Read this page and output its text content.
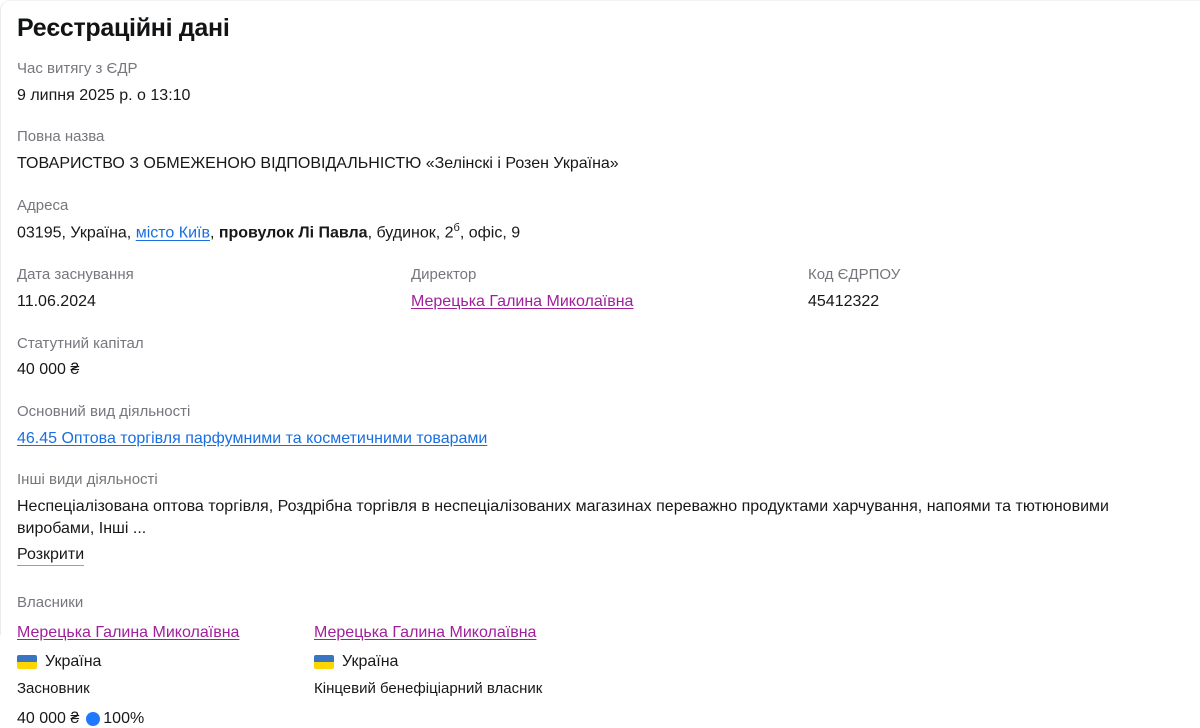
Реєстраційні дані
Час витягу з ЄДР
9 липня 2025 р. о 13:10
Повна назва
ТОВАРИСТВО З ОБМЕЖЕНОЮ ВІДПОВІДАЛЬНІСТЮ «Зелінскі і Розен Україна»
Адреса
03195, Україна, місто Київ, провулок Лі Павла, будинок, $2^б$, офіс, 9
Дата заснування
11.06.2024
Директор
Мерецька Галина Миколаївна
Код ЄДРПОУ
45412322
Статутний капітал
40 000 ₴
Основний вид діяльності
46.45 Оптова торгівля парфумними та косметичними товарами
Інші види діяльності
Неспеціалізована оптова торгівля, Роздрібна торгівля в неспеціалізованих магазинах переважно продуктами харчування, напоями та тютюновими виробами, Інші ...
Розкрити
Власники
Мерецька Галина Миколаївна
Україна
Засновник
40 000 ₴ 100%
Мерецька Галина Миколаївна
Україна
Кінцевий бенефіціарний власник
